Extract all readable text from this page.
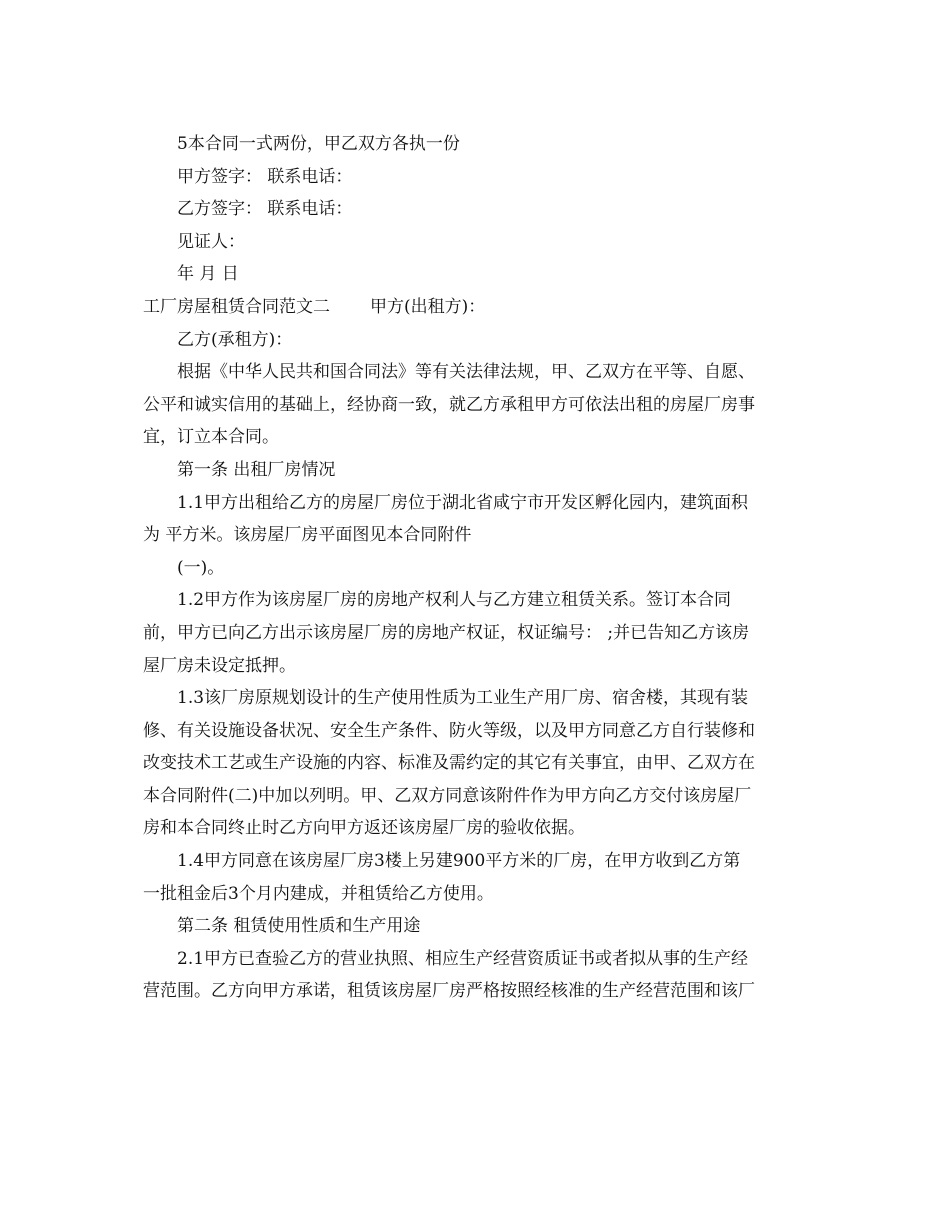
5本合同一式两份，甲乙双方各执一份
甲方签字： 联系电话：
乙方签字： 联系电话：
见证人：
年 月 日
工厂房屋租赁合同范文二 甲方(出租方)：
乙方(承租方)：
根据《中华人民共和国合同法》等有关法律法规，甲、乙双方在平等、自愿、
公平和诚实信用的基础上，经协商一致，就乙方承租甲方可依法出租的房屋厂房事
宜，订立本合同。
第一条 出租厂房情况
1.1甲方出租给乙方的房屋厂房位于湖北省咸宁市开发区孵化园内，建筑面积
为 平方米。该房屋厂房平面图见本合同附件
(一)。
1.2甲方作为该房屋厂房的房地产权利人与乙方建立租赁关系。签订本合同
前，甲方已向乙方出示该房屋厂房的房地产权证，权证编号： ;并已告知乙方该房
屋厂房未设定抵押。
1.3该厂房原规划设计的生产使用性质为工业生产用厂房、宿舍楼，其现有装
修、有关设施设备状况、安全生产条件、防火等级，以及甲方同意乙方自行装修和
改变技术工艺或生产设施的内容、标准及需约定的其它有关事宜，由甲、乙双方在
本合同附件(二)中加以列明。甲、乙双方同意该附件作为甲方向乙方交付该房屋厂
房和本合同终止时乙方向甲方返还该房屋厂房的验收依据。
1.4甲方同意在该房屋厂房3楼上另建900平方米的厂房，在甲方收到乙方第
一批租金后3个月内建成，并租赁给乙方使用。
第二条 租赁使用性质和生产用途
2.1甲方已查验乙方的营业执照、相应生产经营资质证书或者拟从事的生产经
营范围。乙方向甲方承诺，租赁该房屋厂房严格按照经核准的生产经营范围和该厂
